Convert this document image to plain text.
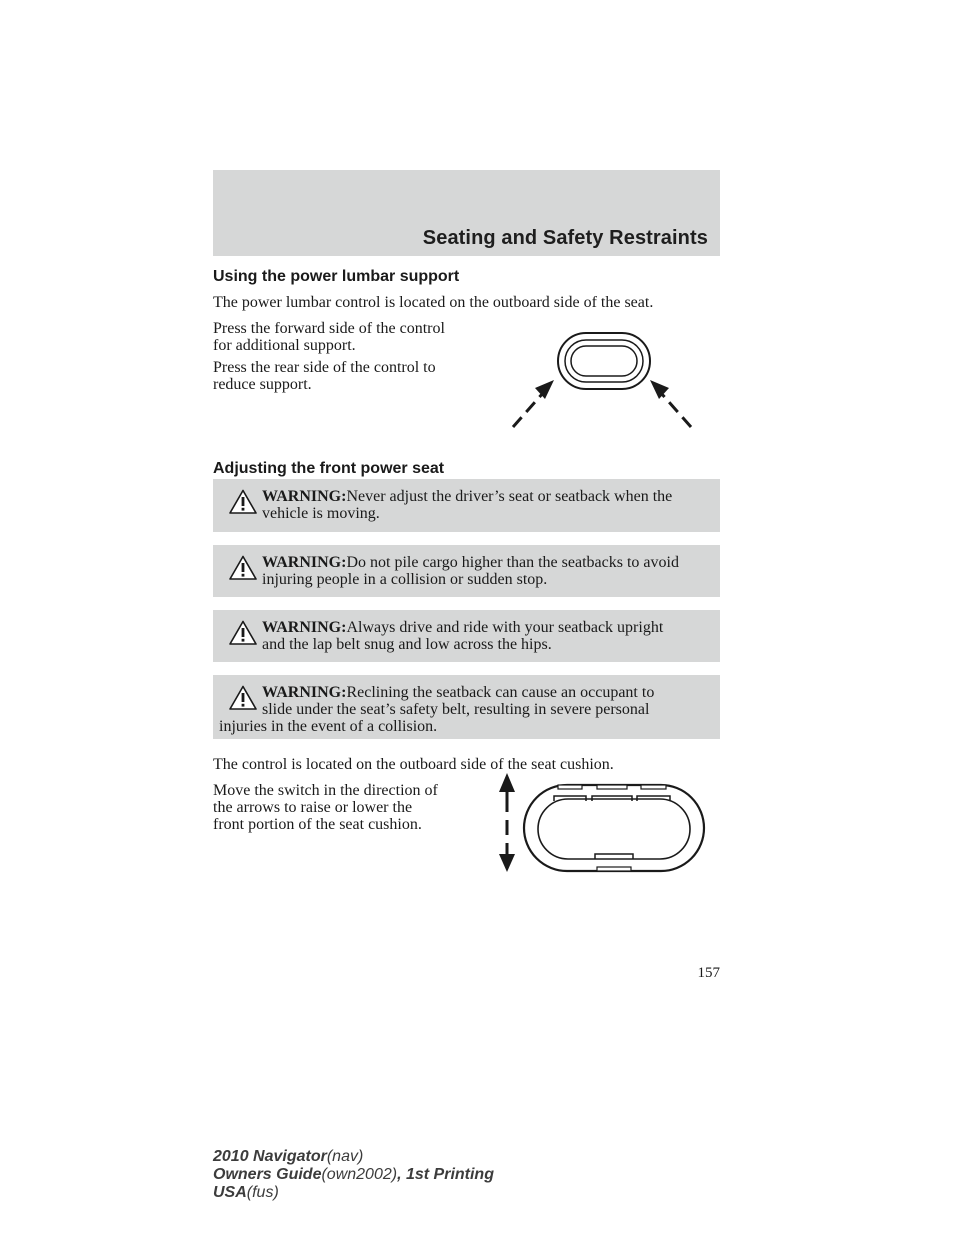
Seating and Safety Restraints
Using the power lumbar support
The power lumbar control is located on the outboard side of the seat.
Press the forward side of the control
for additional support.
Press the rear side of the control to
reduce support.
Adjusting the front power seat
WARNING:Never adjust the driver’s seat or seatback when the
vehicle is moving.
WARNING:Do not pile cargo higher than the seatbacks to avoid
injuring people in a collision or sudden stop.
WARNING:Always drive and ride with your seatback upright
and the lap belt snug and low across the hips.
WARNING:Reclining the seatback can cause an occupant to
slide under the seat’s safety belt, resulting in severe personal
injuries in the event of a collision.
The control is located on the outboard side of the seat cushion.
Move the switch in the direction of
the arrows to raise or lower the
front portion of the seat cushion.
157
2010 Navigator(nav)
Owners Guide(own2002), 1st Printing
USA(fus)
